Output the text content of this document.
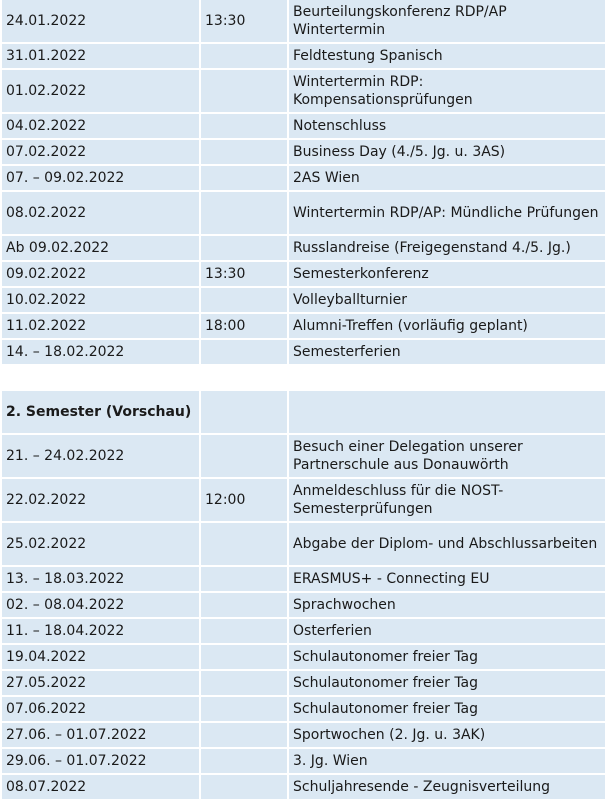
24.01.2022	13:30	Beurteilungskonferenz RDP/AP Wintertermin
31.01.2022		Feldtestung Spanisch
01.02.2022		Wintertermin RDP: Kompensationsprüfungen
04.02.2022		Notenschluss
07.02.2022		Business Day (4./5. Jg. u. 3AS)
07. – 09.02.2022		2AS Wien
08.02.2022		Wintertermin RDP/AP: Mündliche Prüfungen
Ab 09.02.2022		Russlandreise (Freigegenstand 4./5. Jg.)
09.02.2022	13:30	Semesterkonferenz
10.02.2022		Volleyballturnier
11.02.2022	18:00	Alumni-Treffen (vorläufig geplant)
14. – 18.02.2022		Semesterferien
2. Semester (Vorschau)		
21. – 24.02.2022		Besuch einer Delegation unserer Partnerschule aus Donauwörth
22.02.2022	12:00	Anmeldeschluss für die NOST-Semesterprüfungen
25.02.2022		Abgabe der Diplom- und Abschlussarbeiten
13. – 18.03.2022		ERASMUS+ - Connecting EU
02. – 08.04.2022		Sprachwochen
11. – 18.04.2022		Osterferien
19.04.2022		Schulautonomer freier Tag
27.05.2022		Schulautonomer freier Tag
07.06.2022		Schulautonomer freier Tag
27.06. – 01.07.2022		Sportwochen (2. Jg. u. 3AK)
29.06. – 01.07.2022		3. Jg. Wien
08.07.2022		Schuljahresende - Zeugnisverteilung
